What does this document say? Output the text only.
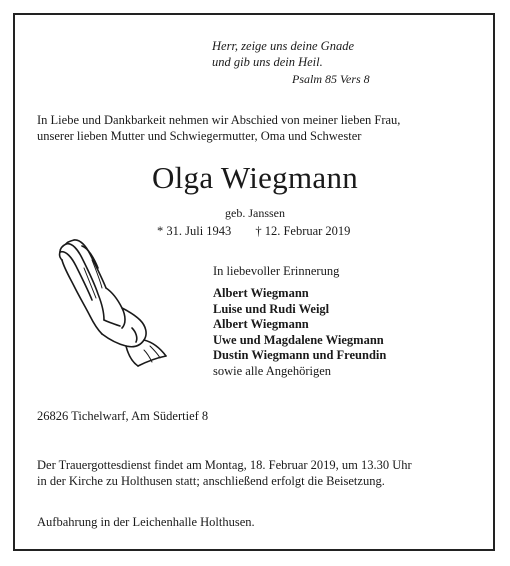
Herr, zeige uns deine Gnade
und gib uns dein Heil.
Psalm 85 Vers 8
In Liebe und Dankbarkeit nehmen wir Abschied von meiner lieben Frau,
unserer lieben Mutter und Schwiegermutter, Oma und Schwester
Olga Wiegmann
geb. Janssen
* 31. Juli 1943 † 12. Februar 2019
In liebevoller Erinnerung
Albert Wiegmann
Luise und Rudi Weigl
Albert Wiegmann
Uwe und Magdalene Wiegmann
Dustin Wiegmann und Freundin
sowie alle Angehörigen
26826 Tichelwarf, Am Südertief 8
Der Trauergottesdienst findet am Montag, 18. Februar 2019, um 13.30 Uhr
in der Kirche zu Holthusen statt; anschließend erfolgt die Beisetzung.
Aufbahrung in der Leichenhalle Holthusen.
